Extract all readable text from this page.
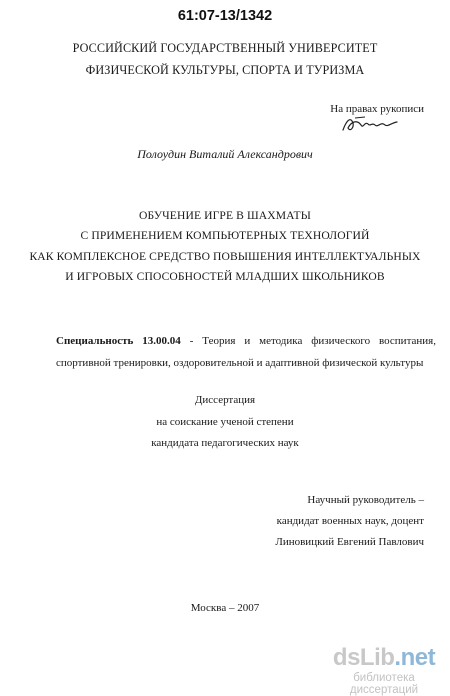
61:07-13/1342
РОССИЙСКИЙ ГОСУДАРСТВЕННЫЙ УНИВЕРСИТЕТ
ФИЗИЧЕСКОЙ КУЛЬТУРЫ, СПОРТА И ТУРИЗМА
На правах рукописи
Полоудин Виталий Александрович
ОБУЧЕНИЕ ИГРЕ В ШАХМАТЫ
С ПРИМЕНЕНИЕМ КОМПЬЮТЕРНЫХ ТЕХНОЛОГИЙ
КАК КОМПЛЕКСНОЕ СРЕДСТВО ПОВЫШЕНИЯ ИНТЕЛЛЕКТУАЛЬНЫХ
И ИГРОВЫХ СПОСОБНОСТЕЙ МЛАДШИХ ШКОЛЬНИКОВ
Специальность 13.00.04 - Теория и методика физического воспитания, спортивной тренировки, оздоровительной и адаптивной физической культуры
Диссертация
на соискание ученой степени
кандидата педагогических наук
Научный руководитель –
кандидат военных наук, доцент
Линовицкий Евгений Павлович
Москва – 2007
dsLib.net
библиотека диссертаций
